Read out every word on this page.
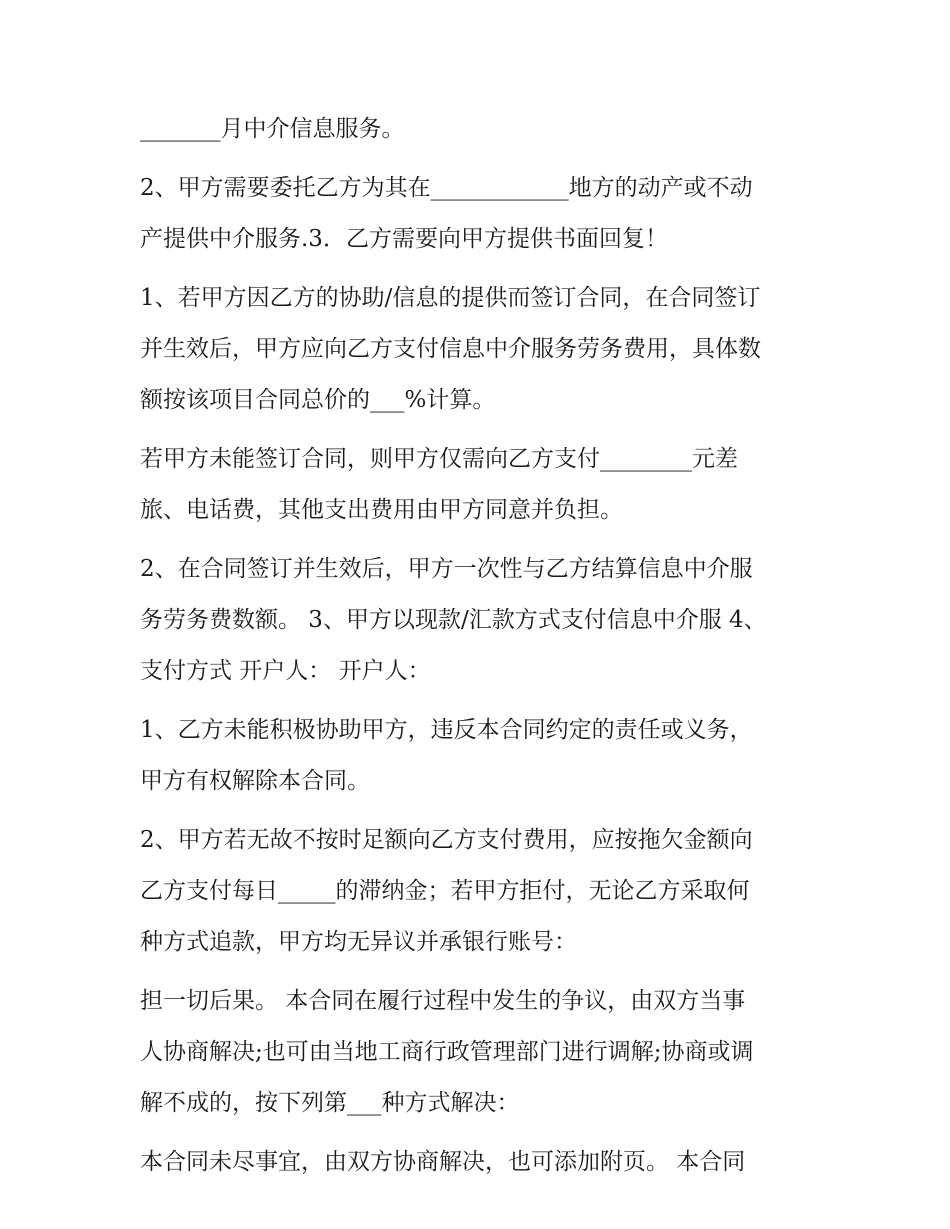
_______月中介信息服务。
2、甲方需要委托乙方为其在____________地方的动产或不动
产提供中介服务.3．乙方需要向甲方提供书面回复！
1、若甲方因乙方的协助/信息的提供而签订合同，在合同签订
并生效后，甲方应向乙方支付信息中介服务劳务费用，具体数
额按该项目合同总价的___%计算。
若甲方未能签订合同，则甲方仅需向乙方支付________元差
旅、电话费，其他支出费用由甲方同意并负担。
2、在合同签订并生效后，甲方一次性与乙方结算信息中介服
务劳务费数额。 3、甲方以现款/汇款方式支付信息中介服 4、
支付方式 开户人： 开户人：
1、乙方未能积极协助甲方，违反本合同约定的责任或义务，
甲方有权解除本合同。
2、甲方若无故不按时足额向乙方支付费用，应按拖欠金额向
乙方支付每日_____的滞纳金；若甲方拒付，无论乙方采取何
种方式追款，甲方均无异议并承银行账号：
担一切后果。 本合同在履行过程中发生的争议，由双方当事
人协商解决;也可由当地工商行政管理部门进行调解;协商或调
解不成的，按下列第___种方式解决：
本合同未尽事宜，由双方协商解决，也可添加附页。 本合同
